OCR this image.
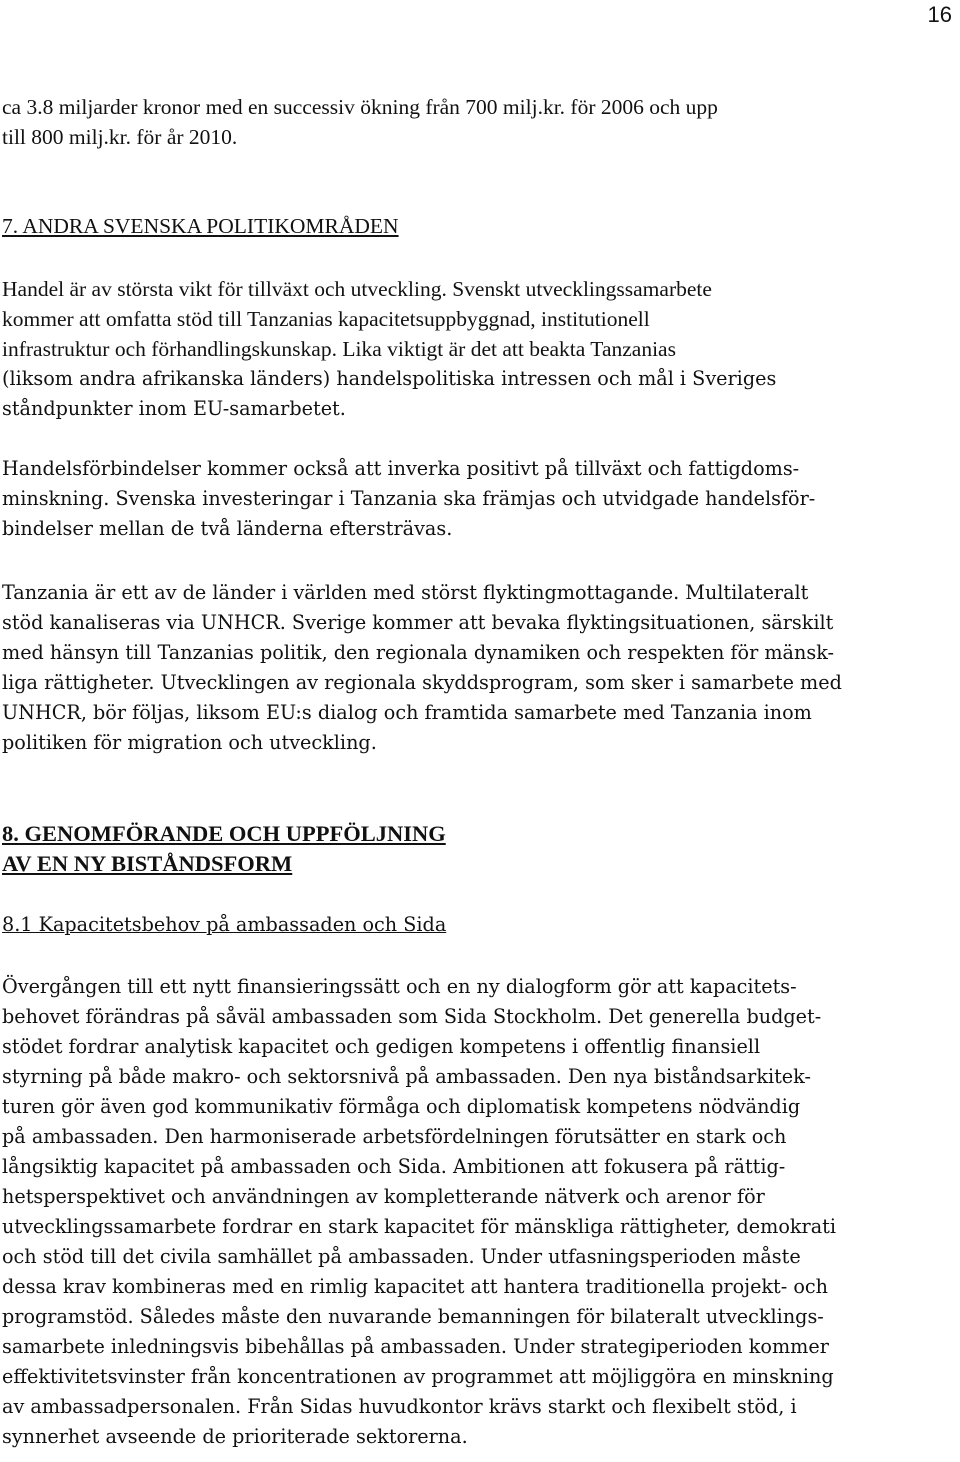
16
ca 3.8 miljarder kronor med en successiv ökning från 700 milj.kr. för 2006 och upp
till 800 milj.kr. för år 2010.
7. ANDRA SVENSKA POLITIKOMRÅDEN
Handel är av största vikt för tillväxt och utveckling. Svenskt utvecklingssamarbete
kommer att omfatta stöd till Tanzanias kapacitetsuppbyggnad, institutionell
infrastruktur och förhandlingskunskap. Lika viktigt är det att beakta Tanzanias
(liksom andra afrikanska länders) handelspolitiska intressen och mål i Sveriges
ståndpunkter inom EU-samarbetet.
Handelsförbindelser kommer också att inverka positivt på tillväxt och fattigdoms-
minskning. Svenska investeringar i Tanzania ska främjas och utvidgade handelsför-
bindelser mellan de två länderna eftersträvas.
Tanzania är ett av de länder i världen med störst flyktingmottagande. Multilateralt
stöd kanaliseras via UNHCR. Sverige kommer att bevaka flyktingsituationen, särskilt
med hänsyn till Tanzanias politik, den regionala dynamiken och respekten för mänsk-
liga rättigheter. Utvecklingen av regionala skyddsprogram, som sker i samarbete med
UNHCR, bör följas, liksom EU:s dialog och framtida samarbete med Tanzania inom
politiken för migration och utveckling.
8. GENOMFÖRANDE OCH UPPFÖLJNING
AV EN NY BISTÅNDSFORM
8.1 Kapacitetsbehov på ambassaden och Sida
Övergången till ett nytt finansieringssätt och en ny dialogform gör att kapacitets-
behovet förändras på såväl ambassaden som Sida Stockholm. Det generella budget-
stödet fordrar analytisk kapacitet och gedigen kompetens i offentlig finansiell
styrning på både makro- och sektorsnivå på ambassaden. Den nya biståndsarkitek-
turen gör även god kommunikativ förmåga och diplomatisk kompetens nödvändig
på ambassaden. Den harmoniserade arbetsfördelningen förutsätter en stark och
långsiktig kapacitet på ambassaden och Sida. Ambitionen att fokusera på rättig-
hetsperspektivet och användningen av kompletterande nätverk och arenor för
utvecklingssamarbete fordrar en stark kapacitet för mänskliga rättigheter, demokrati
och stöd till det civila samhället på ambassaden. Under utfasningsperioden måste
dessa krav kombineras med en rimlig kapacitet att hantera traditionella projekt- och
programstöd. Således måste den nuvarande bemanningen för bilateralt utvecklings-
samarbete inledningsvis bibehållas på ambassaden. Under strategiperioden kommer
effektivitetsvinster från koncentrationen av programmet att möjliggöra en minskning
av ambassadpersonalen. Från Sidas huvudkontor krävs starkt och flexibelt stöd, i
synnerhet avseende de prioriterade sektorerna.
